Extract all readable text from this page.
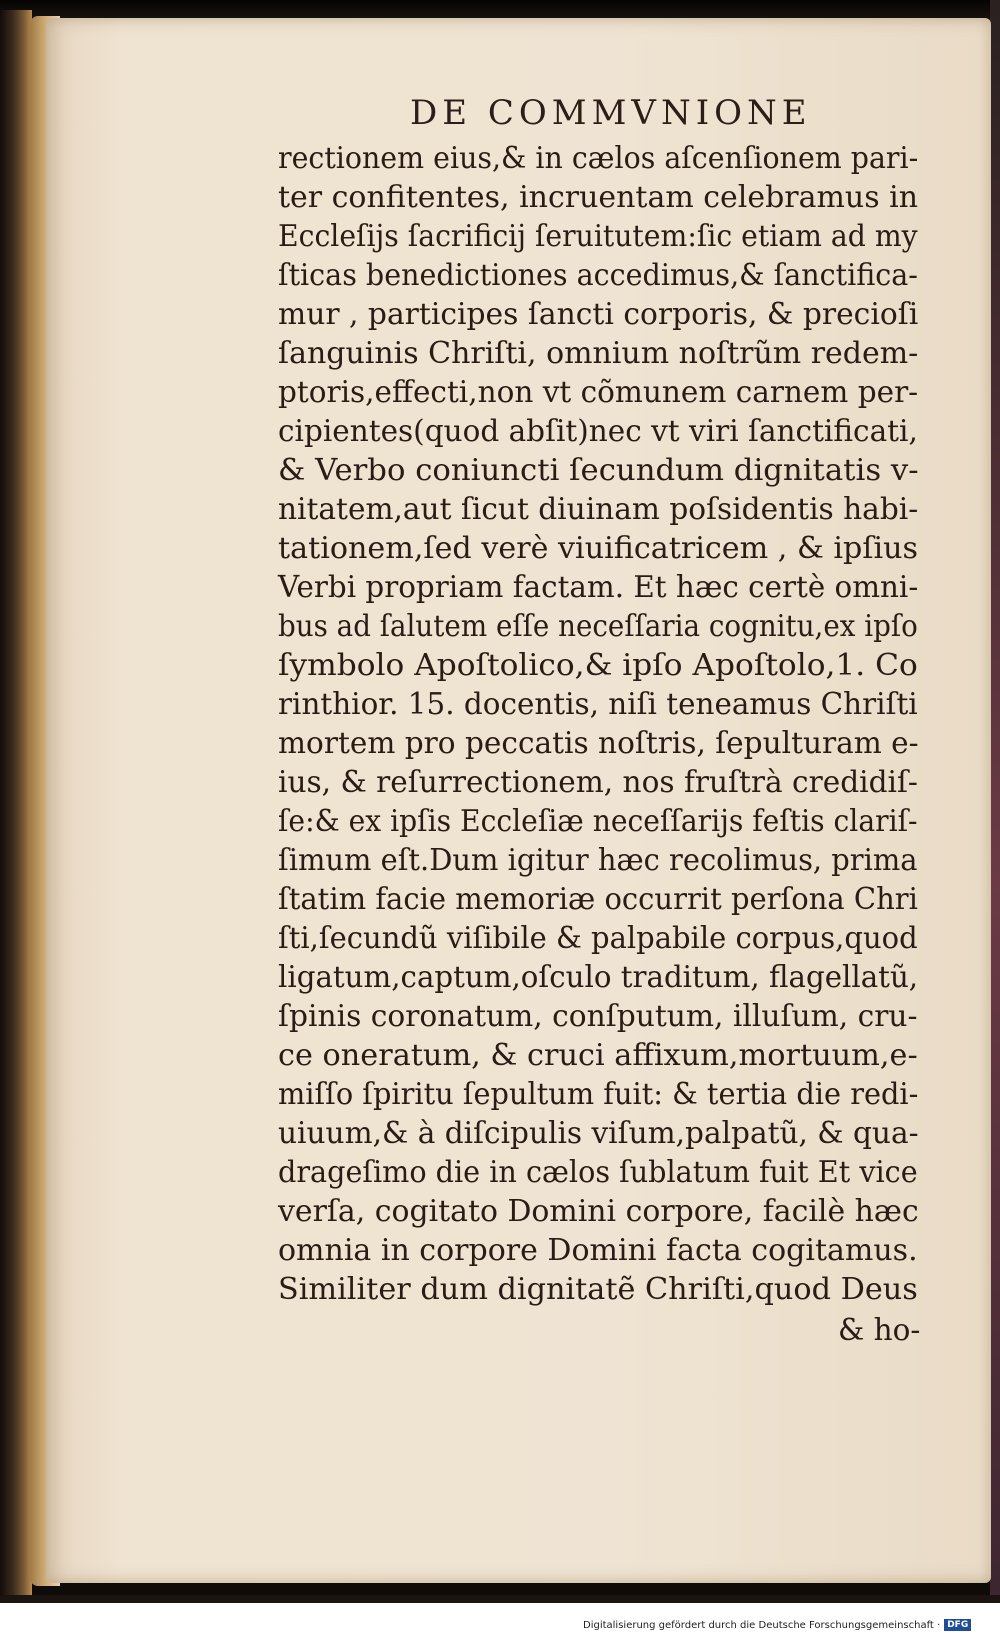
DE COMMVNIONE
rectionem eius,& in cælos aſcenſionem pari-
ter confitentes, incruentam celebramus in
Eccleſijs ſacrificij ſeruitutem:ſic etiam ad my
ſticas benedictiones accedimus,& ſanctifica-
mur , participes ſancti corporis, & precioſi
ſanguinis Chriſti, omnium noſtrũm redem-
ptoris,effecti,non vt cõmunem carnem per-
cipientes(quod abſit)nec vt viri ſanctificati,
& Verbo coniuncti ſecundum dignitatis v-
nitatem,aut ſicut diuinam poſsidentis habi-
tationem,ſed verè viuificatricem , & ipſius
Verbi propriam factam. Et hæc certè omni-
bus ad ſalutem eſſe neceſſaria cognitu,ex ipſo
ſymbolo Apoſtolico,& ipſo Apoſtolo,1. Co
rinthior. 15. docentis, niſi teneamus Chriſti
mortem pro peccatis noſtris, ſepulturam e-
ius, & reſurrectionem, nos fruſtrà credidiſ-
ſe:& ex ipſis Eccleſiæ neceſſarijs feſtis clariſ-
ſimum eſt.Dum igitur hæc recolimus, prima
ſtatim facie memoriæ occurrit perſona Chri
ſti,ſecundũ viſibile & palpabile corpus,quod
ligatum,captum,oſculo traditum, flagellatũ,
ſpinis coronatum, conſputum, illuſum, cru-
ce oneratum, & cruci affixum,mortuum,e-
miſſo ſpiritu ſepultum fuit: & tertia die redi-
uiuum,& à diſcipulis viſum,palpatũ, & qua-
drageſimo die in cælos ſublatum fuit Et vice
verſa, cogitato Domini corpore, facilè hæc
omnia in corpore Domini facta cogitamus.
Similiter dum dignitatẽ Chriſti,quod Deus
& ho-
Digitalisierung gefördert durch die Deutsche Forschungsgemeinschaft · DFG
